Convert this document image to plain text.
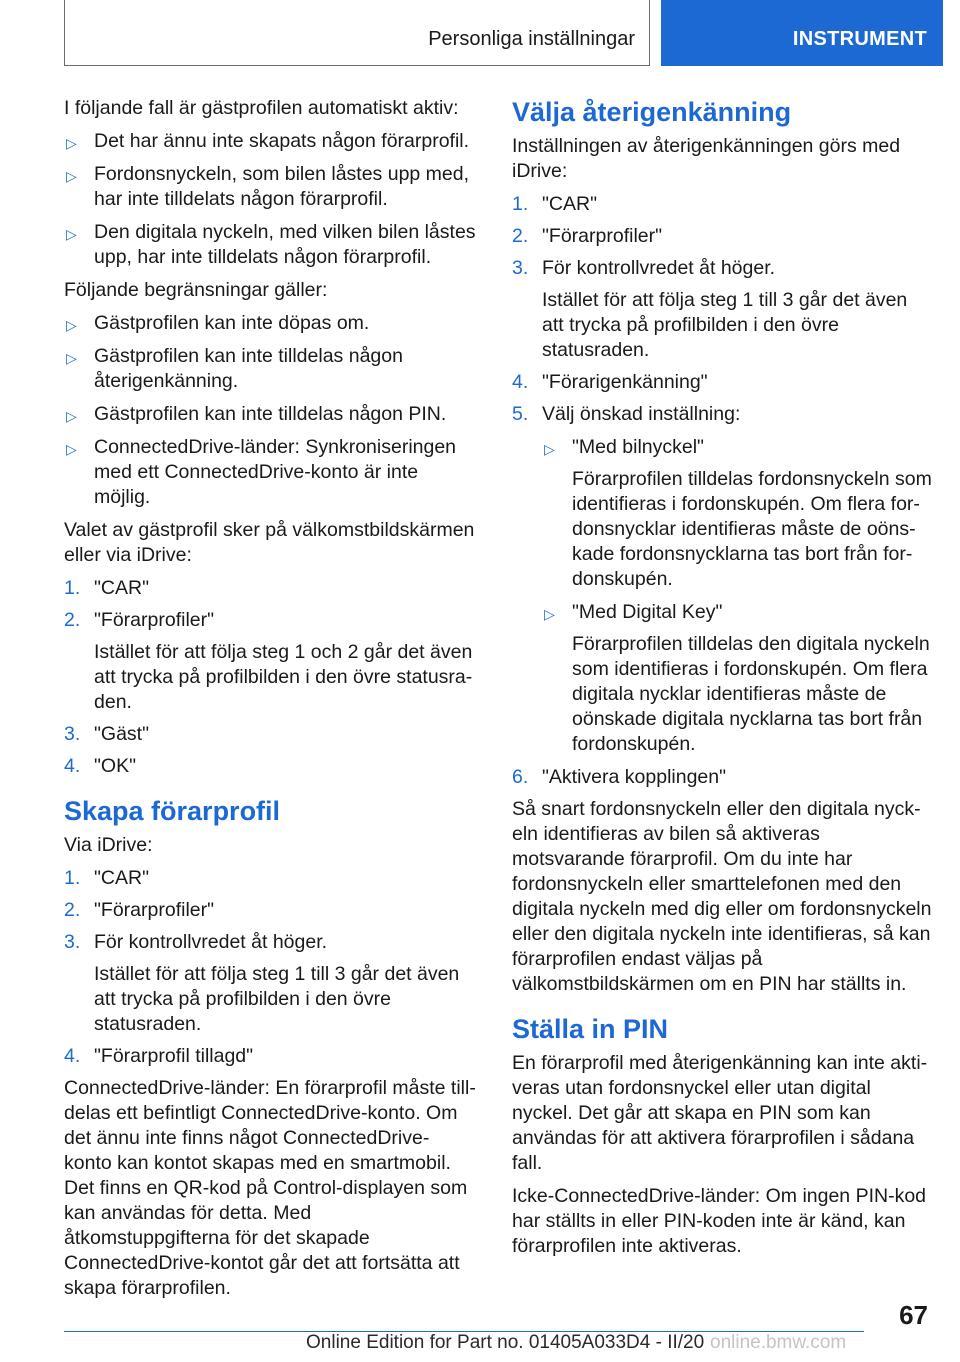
Personliga inställningar	INSTRUMENT

I följande fall är gästprofilen automatiskt aktiv:

▷ Det har ännu inte skapats någon förarprofil.
▷ Fordonsnyckeln, som bilen låstes upp med, har inte tilldelats någon förarprofil.
▷ Den digitala nyckeln, med vilken bilen låstes upp, har inte tilldelats någon förarprofil.

Följande begränsningar gäller:

▷ Gästprofilen kan inte döpas om.
▷ Gästprofilen kan inte tilldelas någon återigenkänning.
▷ Gästprofilen kan inte tilldelas någon PIN.
▷ ConnectedDrive-länder: Synkroniseringen med ett ConnectedDrive-konto är inte möjlig.

Valet av gästprofil sker på välkomstbildskärmen eller via iDrive:

1. "CAR"
2. "Förarprofiler"
Istället för att följa steg 1 och 2 går det även att trycka på profilbilden i den övre statusraden.
3. "Gäst"
4. "OK"
Skapa förarprofil

Via iDrive:

1. "CAR"
2. "Förarprofiler"
3. För kontrollvredet åt höger.
Istället för att följa steg 1 till 3 går det även att trycka på profilbilden i den övre statusraden.
4. "Förarprofil tillagd"

ConnectedDrive-länder: En förarprofil måste tilldelas ett befintligt ConnectedDrive-konto. Om det ännu inte finns något ConnectedDrive-konto kan kontot skapas med en smartmobil. Det finns en QR-kod på Control-displayen som kan användas för detta. Med åtkomstuppgifterna för det skapade ConnectedDrive-kontot går det att fortsätta att skapa förarprofilen.

Välja återigenkänning

Inställningen av återigenkänningen görs med iDrive:

1. "CAR"
2. "Förarprofiler"
3. För kontrollvredet åt höger.
Istället för att följa steg 1 till 3 går det även att trycka på profilbilden i den övre statusraden.
4. "Förarigenkänning"
5. Välj önskad inställning:
▷ "Med bilnyckel"
Förarprofilen tilldelas fordonsnyckeln som identifieras i fordonskupén. Om flera fordonsnycklar identifieras måste de oönskade fordonsnycklarna tas bort från fordonskupén.
▷ "Med Digital Key"
Förarprofilen tilldelas den digitala nyckeln som identifieras i fordonskupén. Om flera digitala nycklar identifieras måste de oönskade digitala nycklarna tas bort från fordonskupén.
6. "Aktivera kopplingen"

Så snart fordonsnyckeln eller den digitala nyckeln identifieras av bilen så aktiveras motsvarande förarprofil. Om du inte har fordonsnyckeln eller smarttelefonen med den digitala nyckeln med dig eller om fordonsnyckeln eller den digitala nyckeln inte identifieras, så kan förarprofilen endast väljas på välkomstbildskärmen om en PIN har ställts in.

Ställa in PIN

En förarprofil med återigenkänning kan inte aktiveras utan fordonsnyckel eller utan digital nyckel. Det går att skapa en PIN som kan användas för att aktivera förarprofilen i sådana fall.

Icke-ConnectedDrive-länder: Om ingen PIN-kod har ställts in eller PIN-koden inte är känd, kan förarprofilen inte aktiveras.

67
Online Edition for Part no. 01405A033D4 - II/20 online.bmw.com
